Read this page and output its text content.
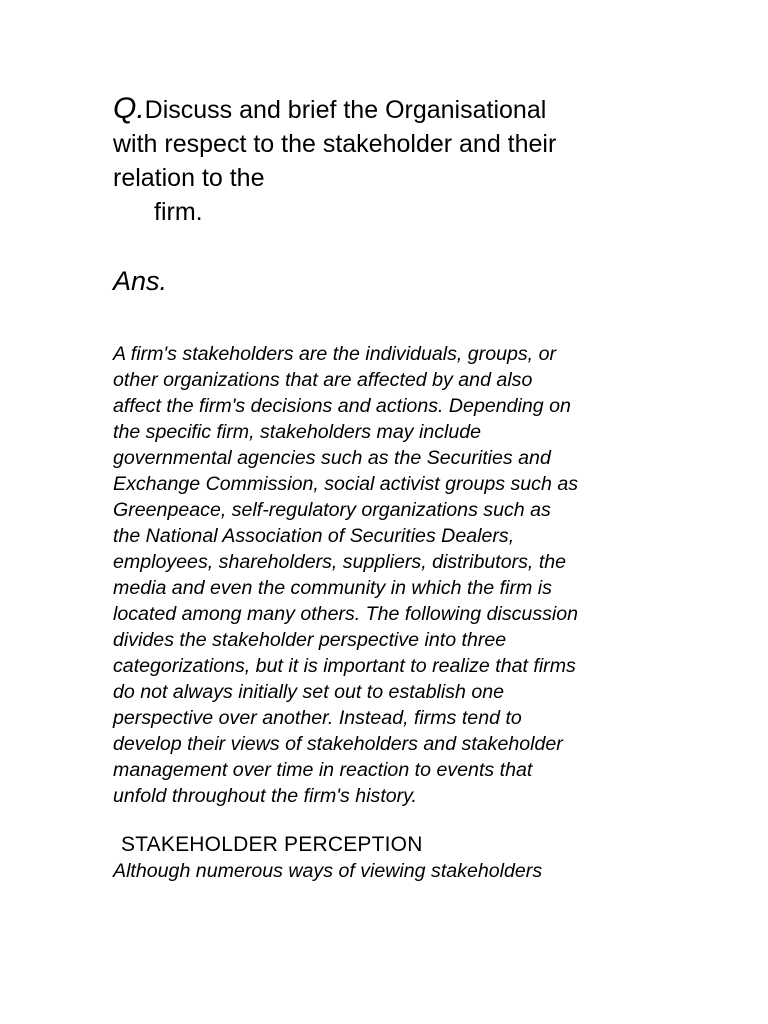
Q.Discuss and brief the Organisational
with respect to the stakeholder and their
relation to the
firm.
Ans.

A firm's stakeholders are the individuals, groups, or
other organizations that are affected by and also
affect the firm's decisions and actions. Depending on
the specific firm, stakeholders may include
governmental agencies such as the Securities and
Exchange Commission, social activist groups such as
Greenpeace, self-regulatory organizations such as
the National Association of Securities Dealers,
employees, shareholders, suppliers, distributors, the
media and even the community in which the firm is
located among many others. The following discussion
divides the stakeholder perspective into three
categorizations, but it is important to realize that firms
do not always initially set out to establish one
perspective over another. Instead, firms tend to
develop their views of stakeholders and stakeholder
management over time in reaction to events that
unfold throughout the firm's history.

STAKEHOLDER PERCEPTION

Although numerous ways of viewing stakeholders
